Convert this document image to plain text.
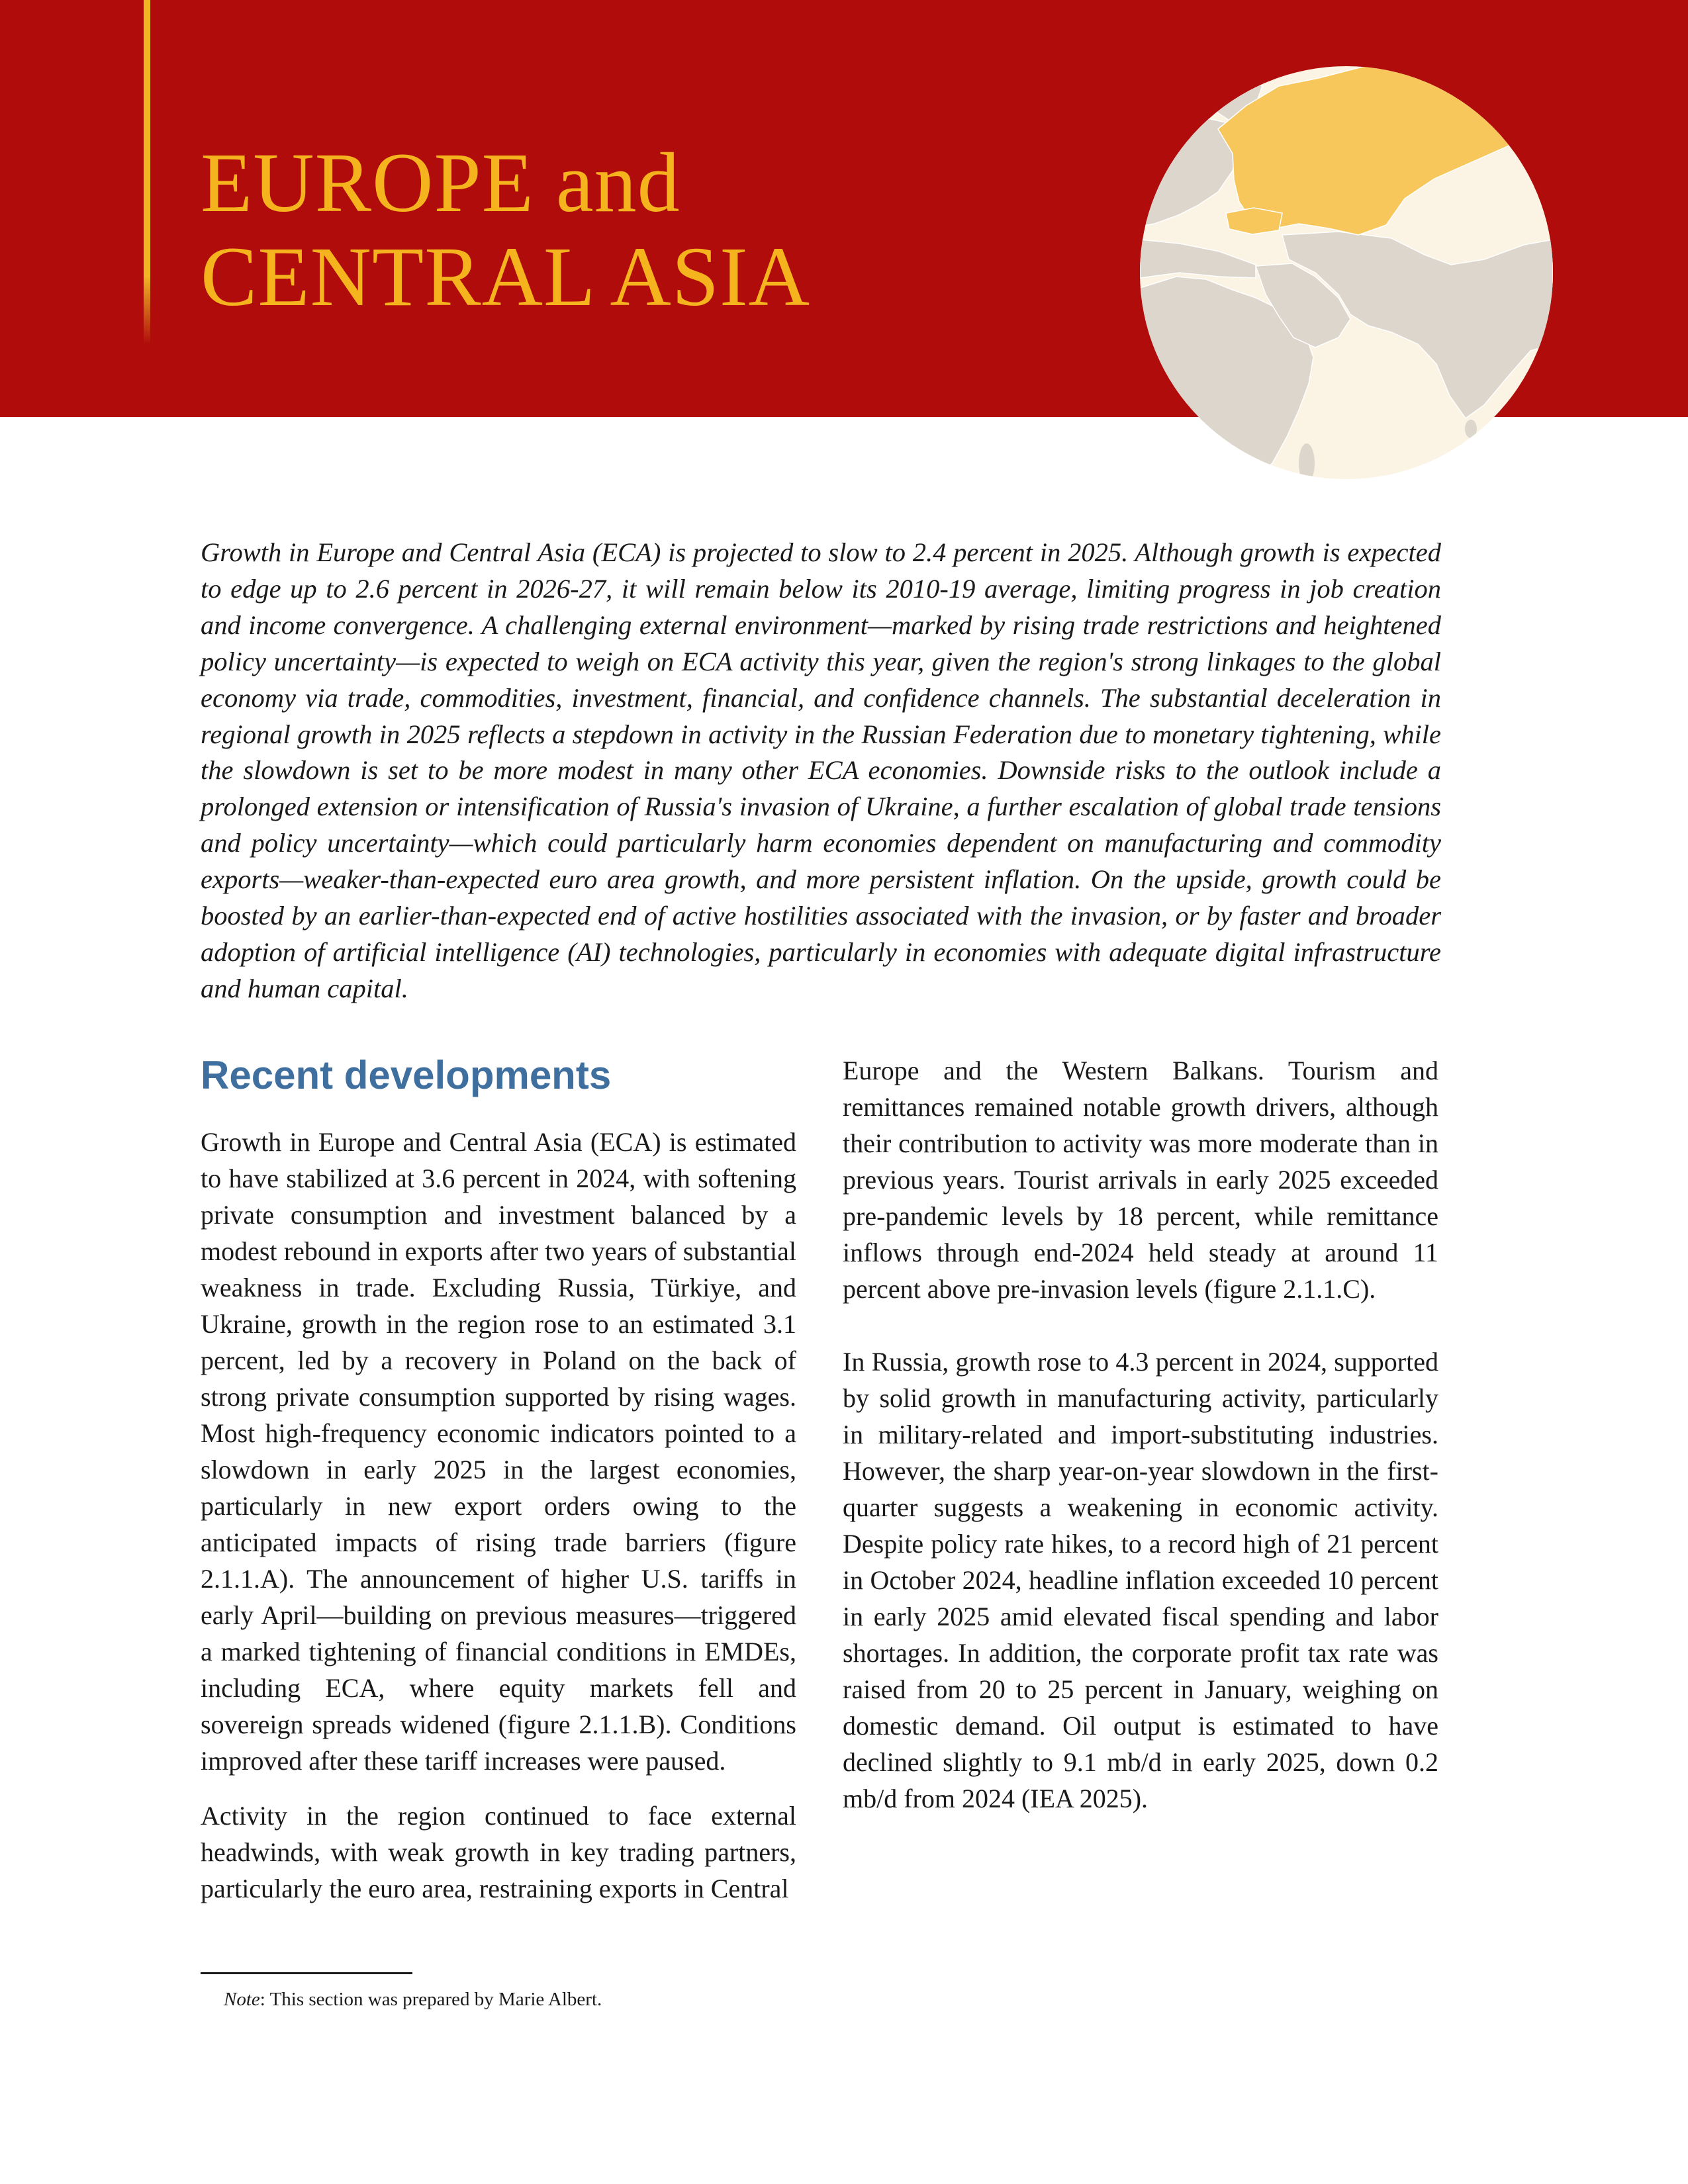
EUROPE and
CENTRAL ASIA

Growth in Europe and Central Asia (ECA) is projected to slow to 2.4 percent in 2025. Although growth is expected to edge up to 2.6 percent in 2026-27, it will remain below its 2010-19 average, limiting progress in job creation and income convergence. A challenging external environment—marked by rising trade restrictions and heightened policy uncertainty—is expected to weigh on ECA activity this year, given the region's strong linkages to the global economy via trade, commodities, investment, financial, and confidence channels. The substantial deceleration in regional growth in 2025 reflects a stepdown in activity in the Russian Federation due to monetary tightening, while the slowdown is set to be more modest in many other ECA economies. Downside risks to the outlook include a prolonged extension or intensification of Russia's invasion of Ukraine, a further escalation of global trade tensions and policy uncertainty—which could particularly harm economies dependent on manufacturing and commodity exports—weaker-than-expected euro area growth, and more persistent inflation. On the upside, growth could be boosted by an earlier-than-expected end of active hostilities associated with the invasion, or by faster and broader adoption of artificial intelligence (AI) technologies, particularly in economies with adequate digital infrastructure and human capital.

Recent developments

Growth in Europe and Central Asia (ECA) is estimated to have stabilized at 3.6 percent in 2024, with softening private consumption and investment balanced by a modest rebound in exports after two years of substantial weakness in trade. Excluding Russia, Türkiye, and Ukraine, growth in the region rose to an estimated 3.1 percent, led by a recovery in Poland on the back of strong private consumption supported by rising wages. Most high-frequency economic indicators pointed to a slowdown in early 2025 in the largest economies, particularly in new export orders owing to the anticipated impacts of rising trade barriers (figure 2.1.1.A). The announcement of higher U.S. tariffs in early April—building on previous measures—triggered a marked tightening of financial conditions in EMDEs, including ECA, where equity markets fell and sovereign spreads widened (figure 2.1.1.B). Conditions improved after these tariff increases were paused.

Activity in the region continued to face external headwinds, with weak growth in key trading partners, particularly the euro area, restraining exports in Central

Europe and the Western Balkans. Tourism and remittances remained notable growth drivers, although their contribution to activity was more moderate than in previous years. Tourist arrivals in early 2025 exceeded pre-pandemic levels by 18 percent, while remittance inflows through end-2024 held steady at around 11 percent above pre-invasion levels (figure 2.1.1.C).

In Russia, growth rose to 4.3 percent in 2024, supported by solid growth in manufacturing activity, particularly in military-related and import-substituting industries. However, the sharp year-on-year slowdown in the first-quarter suggests a weakening in economic activity. Despite policy rate hikes, to a record high of 21 percent in October 2024, headline inflation exceeded 10 percent in early 2025 amid elevated fiscal spending and labor shortages. In addition, the corporate profit tax rate was raised from 20 to 25 percent in January, weighing on domestic demand. Oil output is estimated to have declined slightly to 9.1 mb/d in early 2025, down 0.2 mb/d from 2024 (IEA 2025).

Note: This section was prepared by Marie Albert.
